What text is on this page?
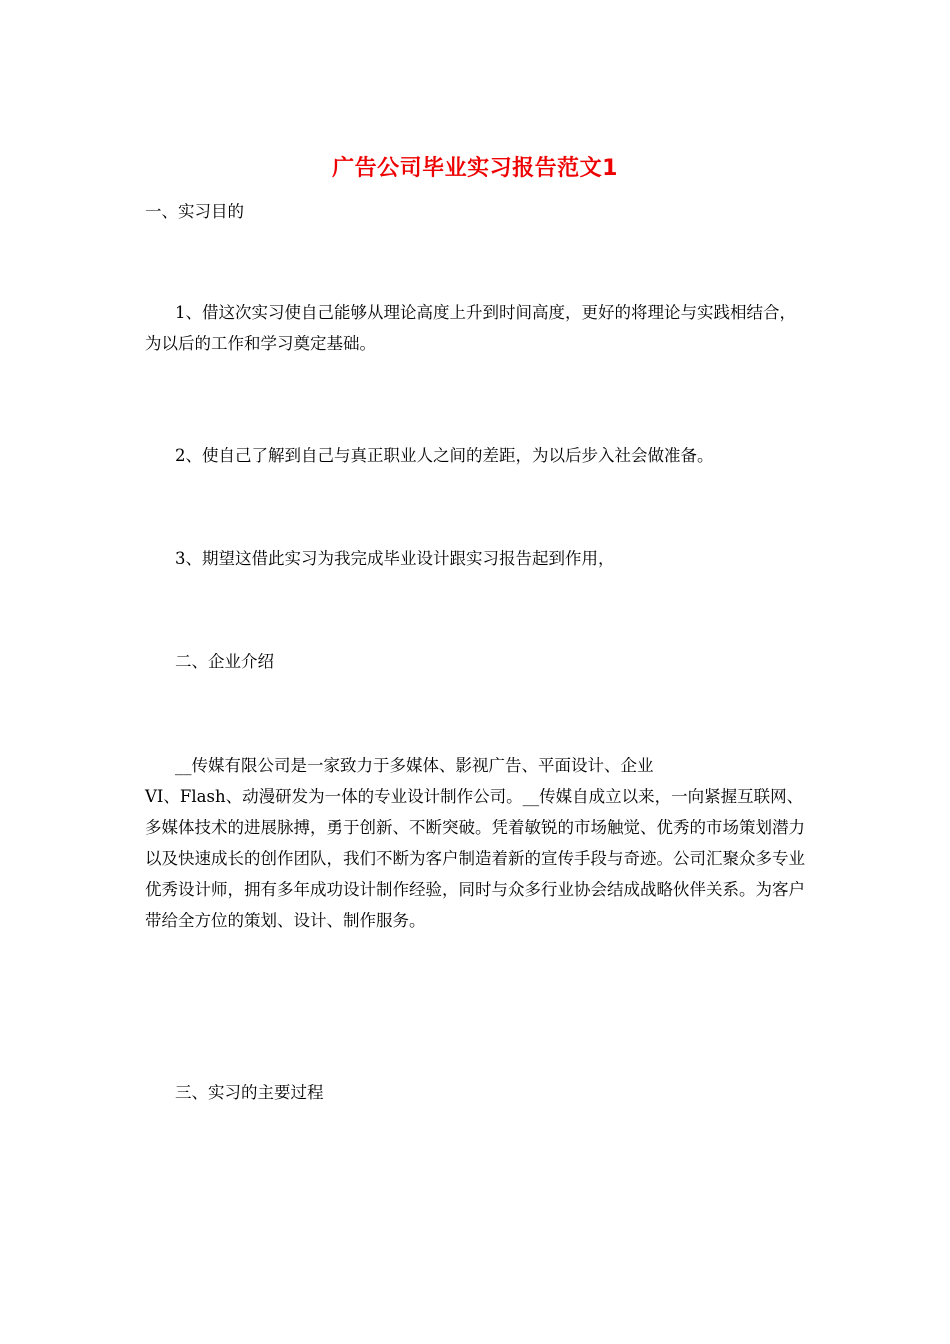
广告公司毕业实习报告范文1

一、实习目的

1、借这次实习使自己能够从理论高度上升到时间高度，更好的将理论与实践相结合，为以后的工作和学习奠定基础。

2、使自己了解到自己与真正职业人之间的差距，为以后步入社会做准备。

3、期望这借此实习为我完成毕业设计跟实习报告起到作用，

二、企业介绍

__传媒有限公司是一家致力于多媒体、影视广告、平面设计、企业
VI、Flash、动漫研发为一体的专业设计制作公司。__传媒自成立以来，一向紧握互联网、多媒体技术的进展脉搏，勇于创新、不断突破。凭着敏锐的市场触觉、优秀的市场策划潜力以及快速成长的创作团队，我们不断为客户制造着新的宣传手段与奇迹。公司汇聚众多专业优秀设计师，拥有多年成功设计制作经验，同时与众多行业协会结成战略伙伴关系。为客户带给全方位的策划、设计、制作服务。

三、实习的主要过程
